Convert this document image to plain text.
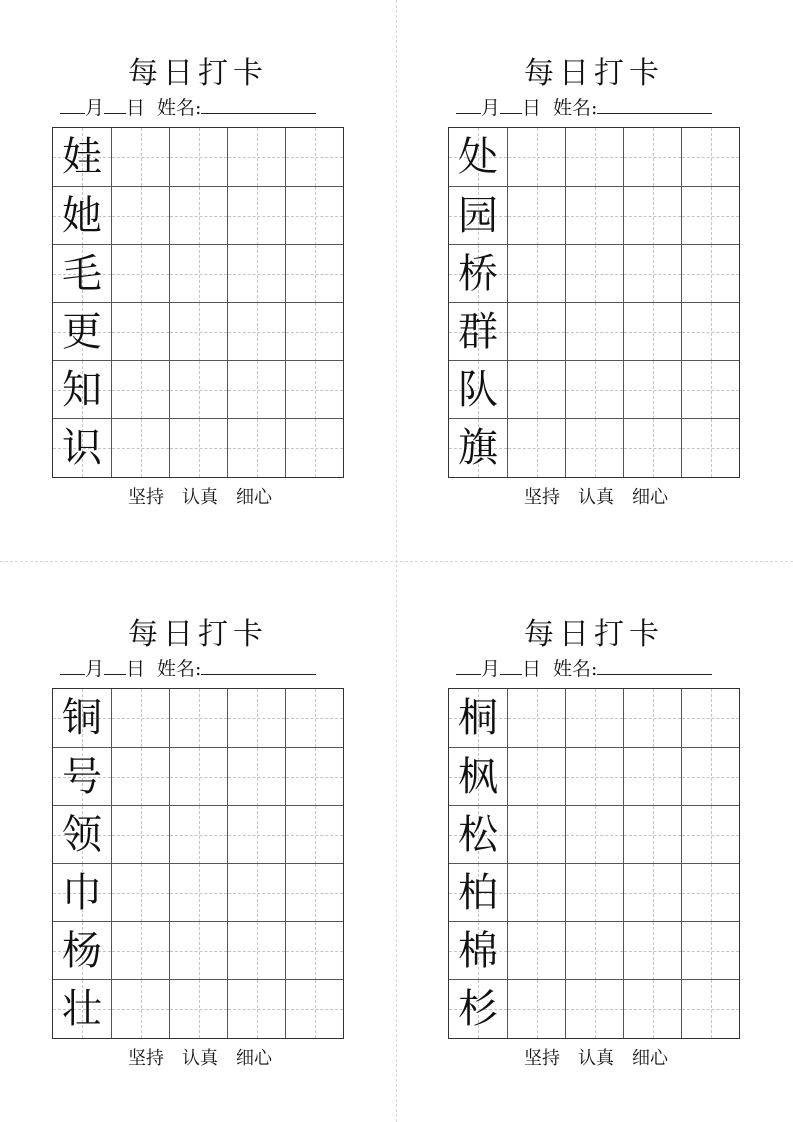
每日打卡
月 日 姓名:
娃
她
毛
更
知
识
坚持 认真 细心
每日打卡
月 日 姓名:
处
园
桥
群
队
旗
坚持 认真 细心
每日打卡
月 日 姓名:
铜
号
领
巾
杨
壮
坚持 认真 细心
每日打卡
月 日 姓名:
桐
枫
松
柏
棉
杉
坚持 认真 细心
